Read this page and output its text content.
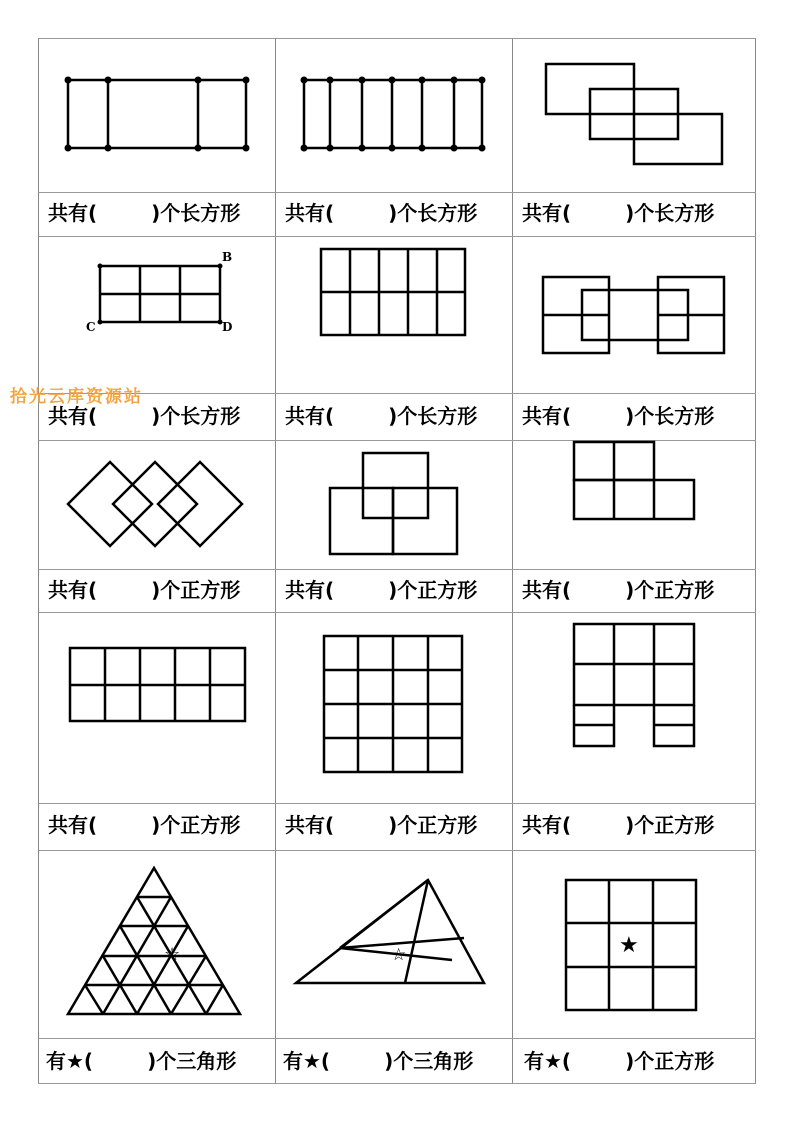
B
C	D
☆	☆	★
共有(	)个长方形 共有(	)个长方形 共有(	)个长方形
共有(	)个长方形 共有(	)个长方形 共有(	)个长方形
共有(	)个正方形 共有(	)个正方形 共有(	)个正方形
共有(	)个正方形 共有(	)个正方形 共有(	)个正方形
有★(	)个三角形 有★(	)个三角形	有★(	)个正方形
拾光云库资源站
